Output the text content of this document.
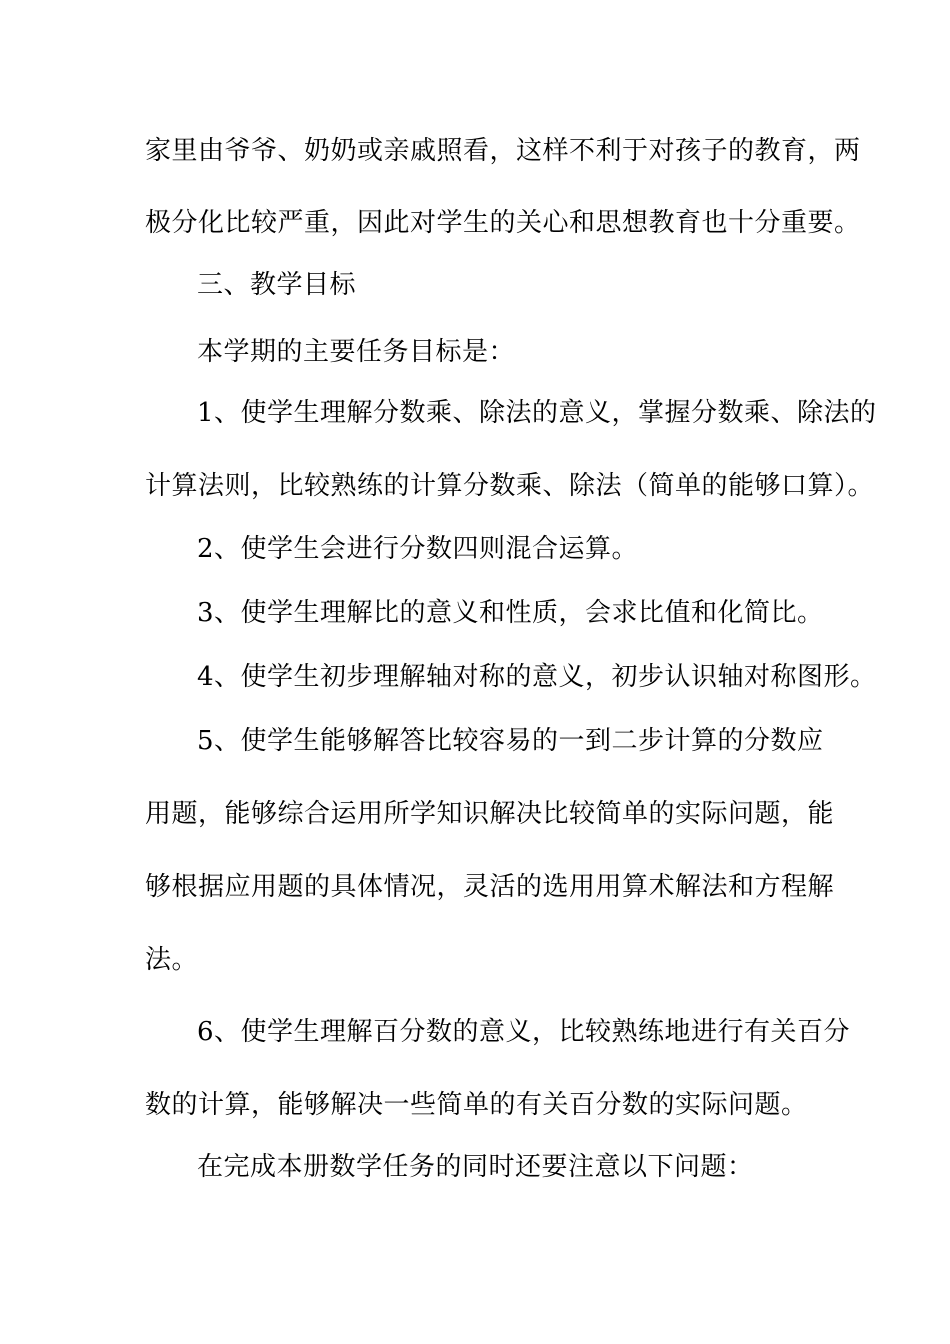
家里由爷爷、奶奶或亲戚照看，这样不利于对孩子的教育，两
极分化比较严重，因此对学生的关心和思想教育也十分重要。
三、教学目标
本学期的主要任务目标是：
1、使学生理解分数乘、除法的意义，掌握分数乘、除法的
计算法则，比较熟练的计算分数乘、除法（简单的能够口算）。
2、使学生会进行分数四则混合运算。
3、使学生理解比的意义和性质，会求比值和化简比。
4、使学生初步理解轴对称的意义，初步认识轴对称图形。
5、使学生能够解答比较容易的一到二步计算的分数应
用题，能够综合运用所学知识解决比较简单的实际问题，能
够根据应用题的具体情况，灵活的选用用算术解法和方程解
法。
6、使学生理解百分数的意义，比较熟练地进行有关百分
数的计算，能够解决一些简单的有关百分数的实际问题。
在完成本册数学任务的同时还要注意以下问题：
